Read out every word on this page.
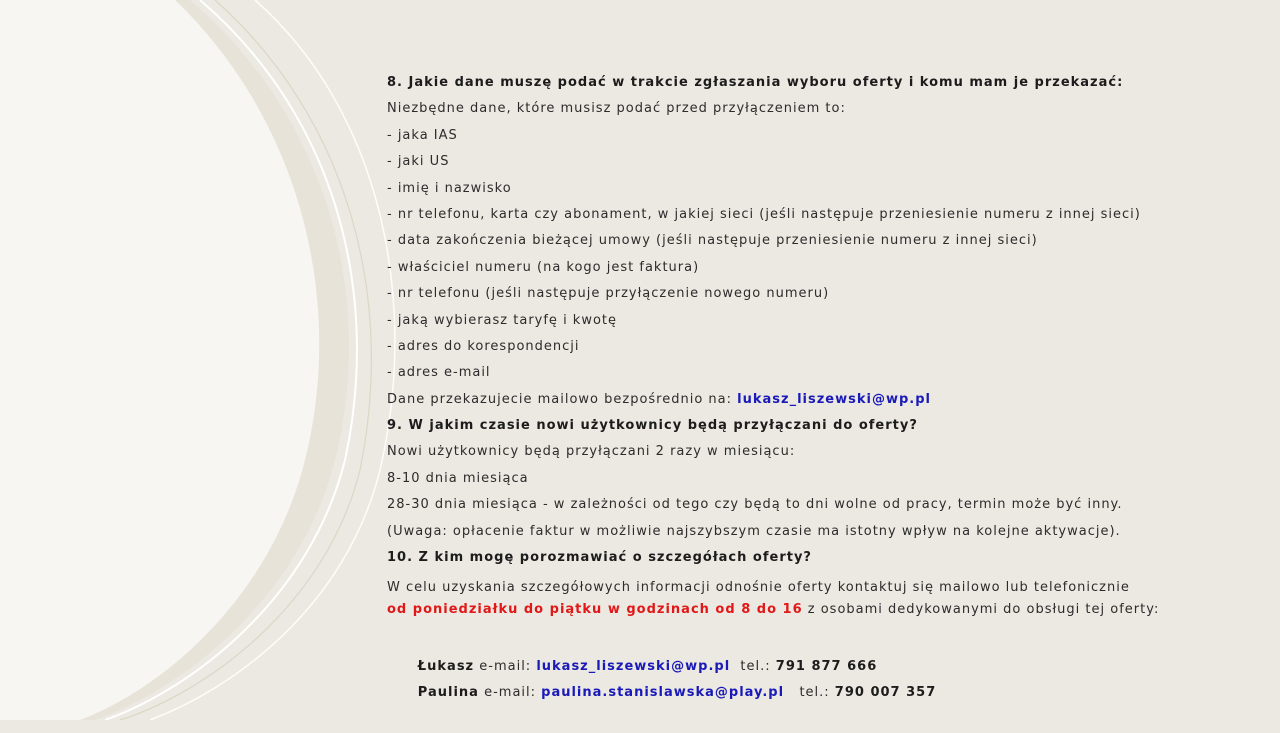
8. Jakie dane muszę podać w trakcie zgłaszania wyboru oferty i komu mam je przekazać:
Niezbędne dane, które musisz podać przed przyłączeniem to:
- jaka IAS
- jaki US
- imię i nazwisko
- nr telefonu, karta czy abonament, w jakiej sieci (jeśli następuje przeniesienie numeru z innej sieci)
- data zakończenia bieżącej umowy (jeśli następuje przeniesienie numeru z innej sieci)
- właściciel numeru (na kogo jest faktura)
- nr telefonu (jeśli następuje przyłączenie nowego numeru)
- jaką wybierasz taryfę i kwotę
- adres do korespondencji
- adres e-mail
Dane przekazujecie mailowo bezpośrednio na: lukasz_liszewski@wp.pl
9. W jakim czasie nowi użytkownicy będą przyłączani do oferty?
Nowi użytkownicy będą przyłączani 2 razy w miesiącu:
8-10 dnia miesiąca
28-30 dnia miesiąca - w zależności od tego czy będą to dni wolne od pracy, termin może być inny.
(Uwaga: opłacenie faktur w możliwie najszybszym czasie ma istotny wpływ na kolejne aktywacje).
10. Z kim mogę porozmawiać o szczegółach oferty?
W celu uzyskania szczegółowych informacji odnośnie oferty kontaktuj się mailowo lub telefonicznie
od poniedziałku do piątku w godzinach od 8 do 16 z osobami dedykowanymi do obsługi tej oferty:

Łukasz e-mail: lukasz_liszewski@wp.pl  tel.: 791 877 666

Paulina e-mail: paulina.stanislawska@play.pl   tel.: 790 007 357
